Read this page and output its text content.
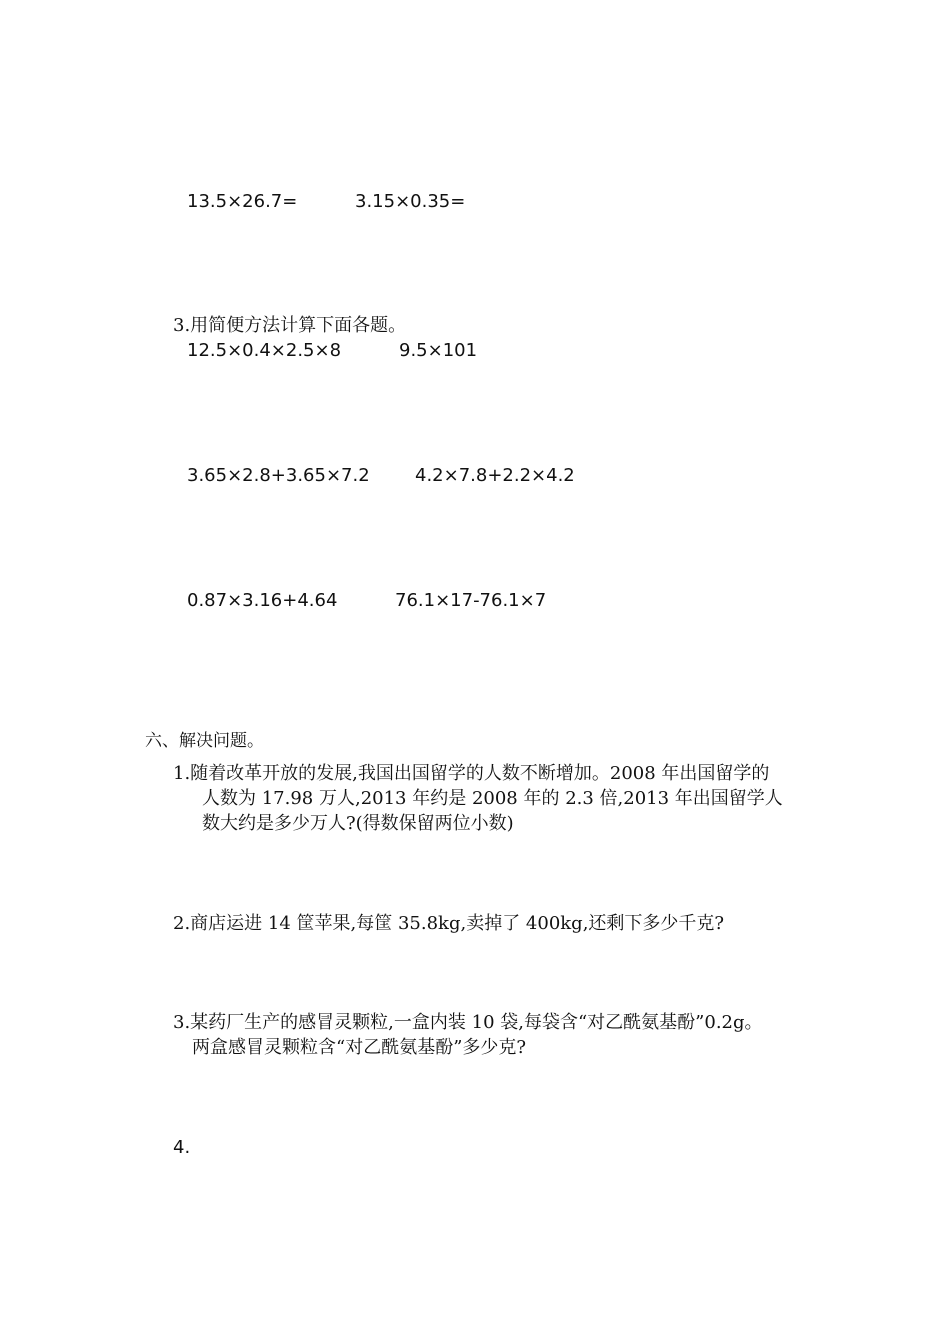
13.5×26.7=	3.15×0.35=
3.用简便方法计算下面各题。
12.5×0.4×2.5×8	9.5×101
3.65×2.8+3.65×7.2	4.2×7.8+2.2×4.2
0.87×3.16+4.64	76.1×17-76.1×7
六、解决问题。
1.随着改革开放的发展,我国出国留学的人数不断增加。2008 年出国留学的
人数为 17.98 万人,2013 年约是 2008 年的 2.3 倍,2013 年出国留学人
数大约是多少万人?(得数保留两位小数)
2.商店运进 14 筐苹果,每筐 35.8kg,卖掉了 400kg,还剩下多少千克?
3.某药厂生产的感冒灵颗粒,一盒内装 10 袋,每袋含“对乙酰氨基酚”0.2g。
两盒感冒灵颗粒含“对乙酰氨基酚”多少克?
4.
